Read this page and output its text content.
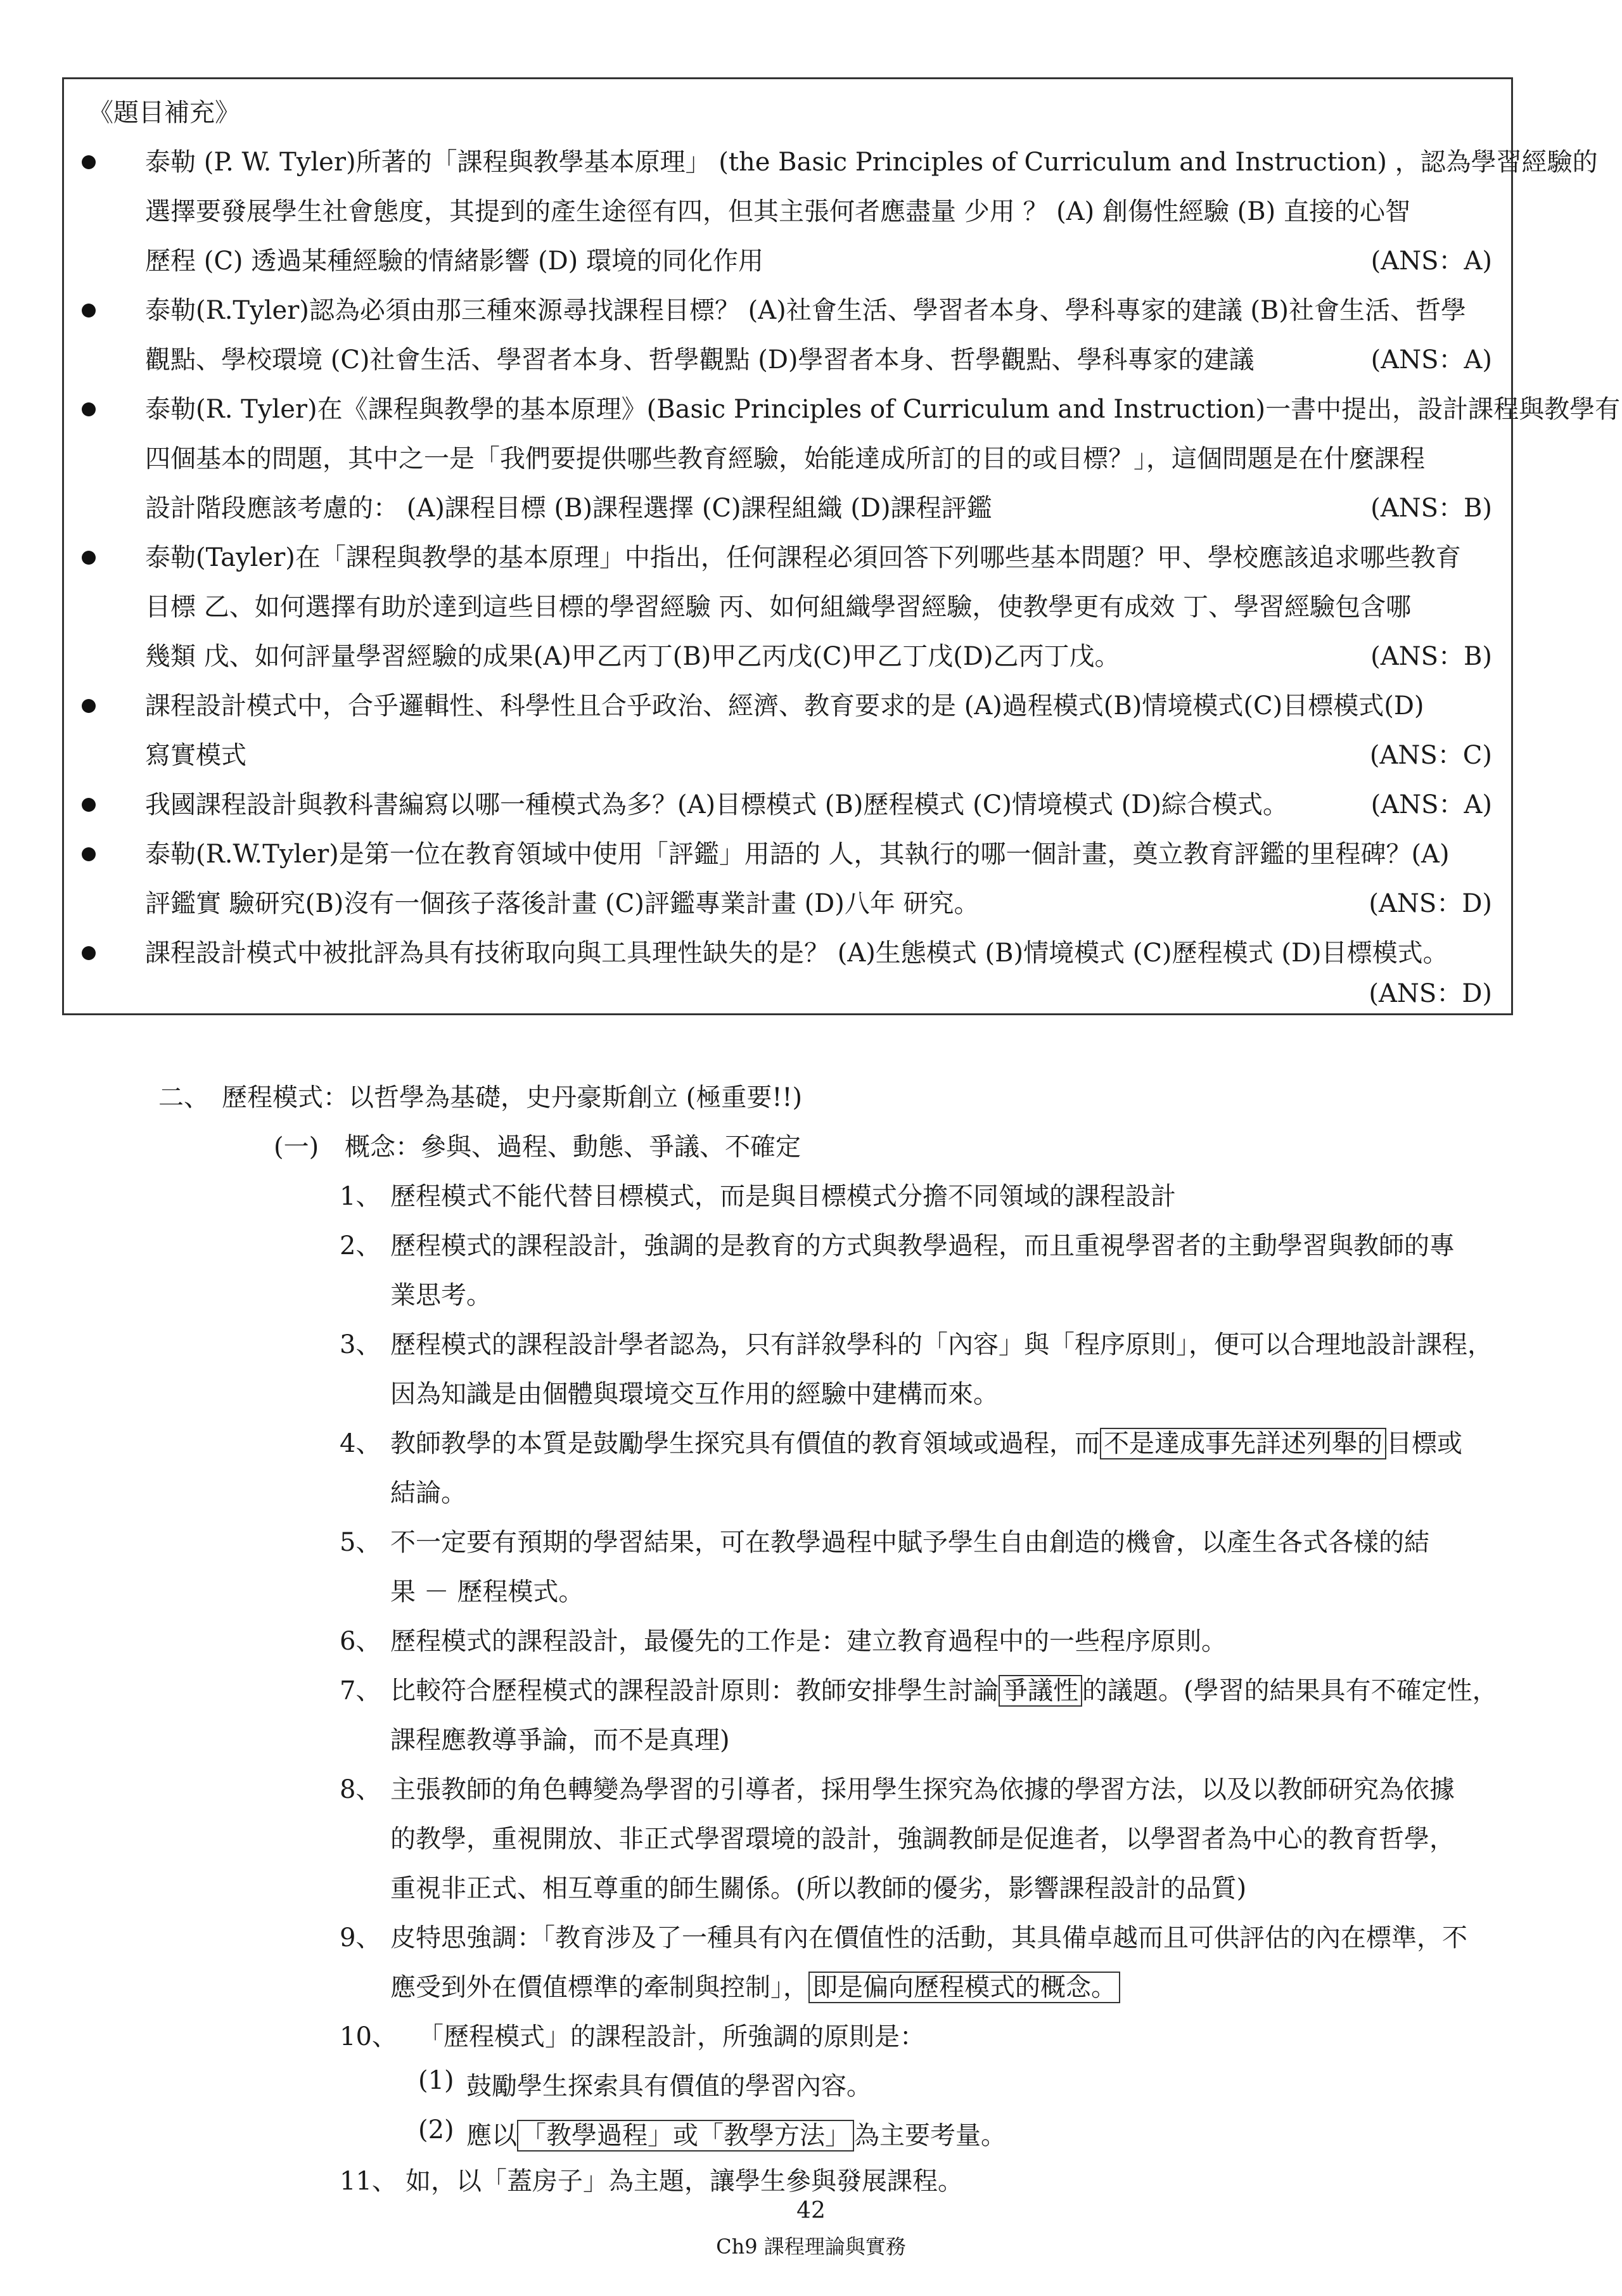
《題目補充》
泰勒 (P. W. Tyler)所著的「課程與教學基本原理」 (the Basic Principles of Curriculum and Instruction) ，認為學習經驗的
選擇要發展學生社會態度，其提到的產生途徑有四，但其主張何者應盡量 少用 ？ (A) 創傷性經驗 (B) 直接的心智
歷程 (C) 透過某種經驗的情緒影響 (D) 環境的同化作用	(ANS：A)
泰勒(R.Tyler)認為必須由那三種來源尋找課程目標？ (A)社會生活、學習者本身、學科專家的建議 (B)社會生活、哲學
觀點、學校環境 (C)社會生活、學習者本身、哲學觀點 (D)學習者本身、哲學觀點、學科專家的建議	(ANS：A)
泰勒(R. Tyler)在《課程與教學的基本原理》(Basic Principles of Curriculum and Instruction)一書中提出，設計課程與教學有
四個基本的問題，其中之一是「我們要提供哪些教育經驗，始能達成所訂的目的或目標？」，這個問題是在什麼課程
設計階段應該考慮的： (A)課程目標 (B)課程選擇 (C)課程組織 (D)課程評鑑	(ANS：B)
泰勒(Tayler)在「課程與教學的基本原理」中指出，任何課程必須回答下列哪些基本問題？甲、學校應該追求哪些教育
目標 乙、如何選擇有助於達到這些目標的學習經驗 丙、如何組織學習經驗，使教學更有成效 丁、學習經驗包含哪
幾類 戊、如何評量學習經驗的成果(A)甲乙丙丁(B)甲乙丙戊(C)甲乙丁戊(D)乙丙丁戊。	(ANS：B)
課程設計模式中，合乎邏輯性、科學性且合乎政治、經濟、教育要求的是 (A)過程模式(B)情境模式(C)目標模式(D)
寫實模式	(ANS：C)
我國課程設計與教科書編寫以哪一種模式為多？(A)目標模式 (B)歷程模式 (C)情境模式 (D)綜合模式。	(ANS：A)
泰勒(R.W.Tyler)是第一位在教育領域中使用「評鑑」用語的 人，其執行的哪一個計畫，奠立教育評鑑的里程碑？(A)
評鑑實 驗研究(B)沒有一個孩子落後計畫 (C)評鑑專業計畫 (D)八年 研究。	(ANS：D)
課程設計模式中被批評為具有技術取向與工具理性缺失的是？ (A)生態模式 (B)情境模式 (C)歷程模式 (D)目標模式。
(ANS：D)
二、 歷程模式：以哲學為基礎，史丹豪斯創立 (極重要!!)
(一) 概念：參與、過程、動態、爭議、不確定
1、 歷程模式不能代替目標模式，而是與目標模式分擔不同領域的課程設計
2、 歷程模式的課程設計，強調的是教育的方式與教學過程，而且重視學習者的主動學習與教師的專
業思考。
3、 歷程模式的課程設計學者認為，只有詳敘學科的「內容」與「程序原則」，便可以合理地設計課程，
因為知識是由個體與環境交互作用的經驗中建構而來。
4、 教師教學的本質是鼓勵學生探究具有價值的教育領域或過程，而 不是達成事先詳述列舉的 目標或
結論。
5、 不一定要有預期的學習結果，可在教學過程中賦予學生自由創造的機會，以產生各式各樣的結
果 － 歷程模式。
6、 歷程模式的課程設計，最優先的工作是：建立教育過程中的一些程序原則。
7、 比較符合歷程模式的課程設計原則：教師安排學生討論 爭議性 的議題。(學習的結果具有不確定性，
課程應教導爭論，而不是真理)
8、 主張教師的角色轉變為學習的引導者，採用學生探究為依據的學習方法，以及以教師研究為依據
的教學，重視開放、非正式學習環境的設計，強調教師是促進者，以學習者為中心的教育哲學，
重視非正式、相互尊重的師生關係。(所以教師的優劣，影響課程設計的品質)
9、 皮特思強調：「教育涉及了一種具有內在價值性的活動，其具備卓越而且可供評估的內在標準，不
應受到外在價值標準的牽制與控制」， 即是偏向歷程模式的概念。
10、 「歷程模式」的課程設計，所強調的原則是：
(1) 鼓勵學生探索具有價值的學習內容。
(2) 應以 「教學過程」或「教學方法」 為主要考量。
11、 如，以「蓋房子」為主題，讓學生參與發展課程。
42
Ch9 課程理論與實務
